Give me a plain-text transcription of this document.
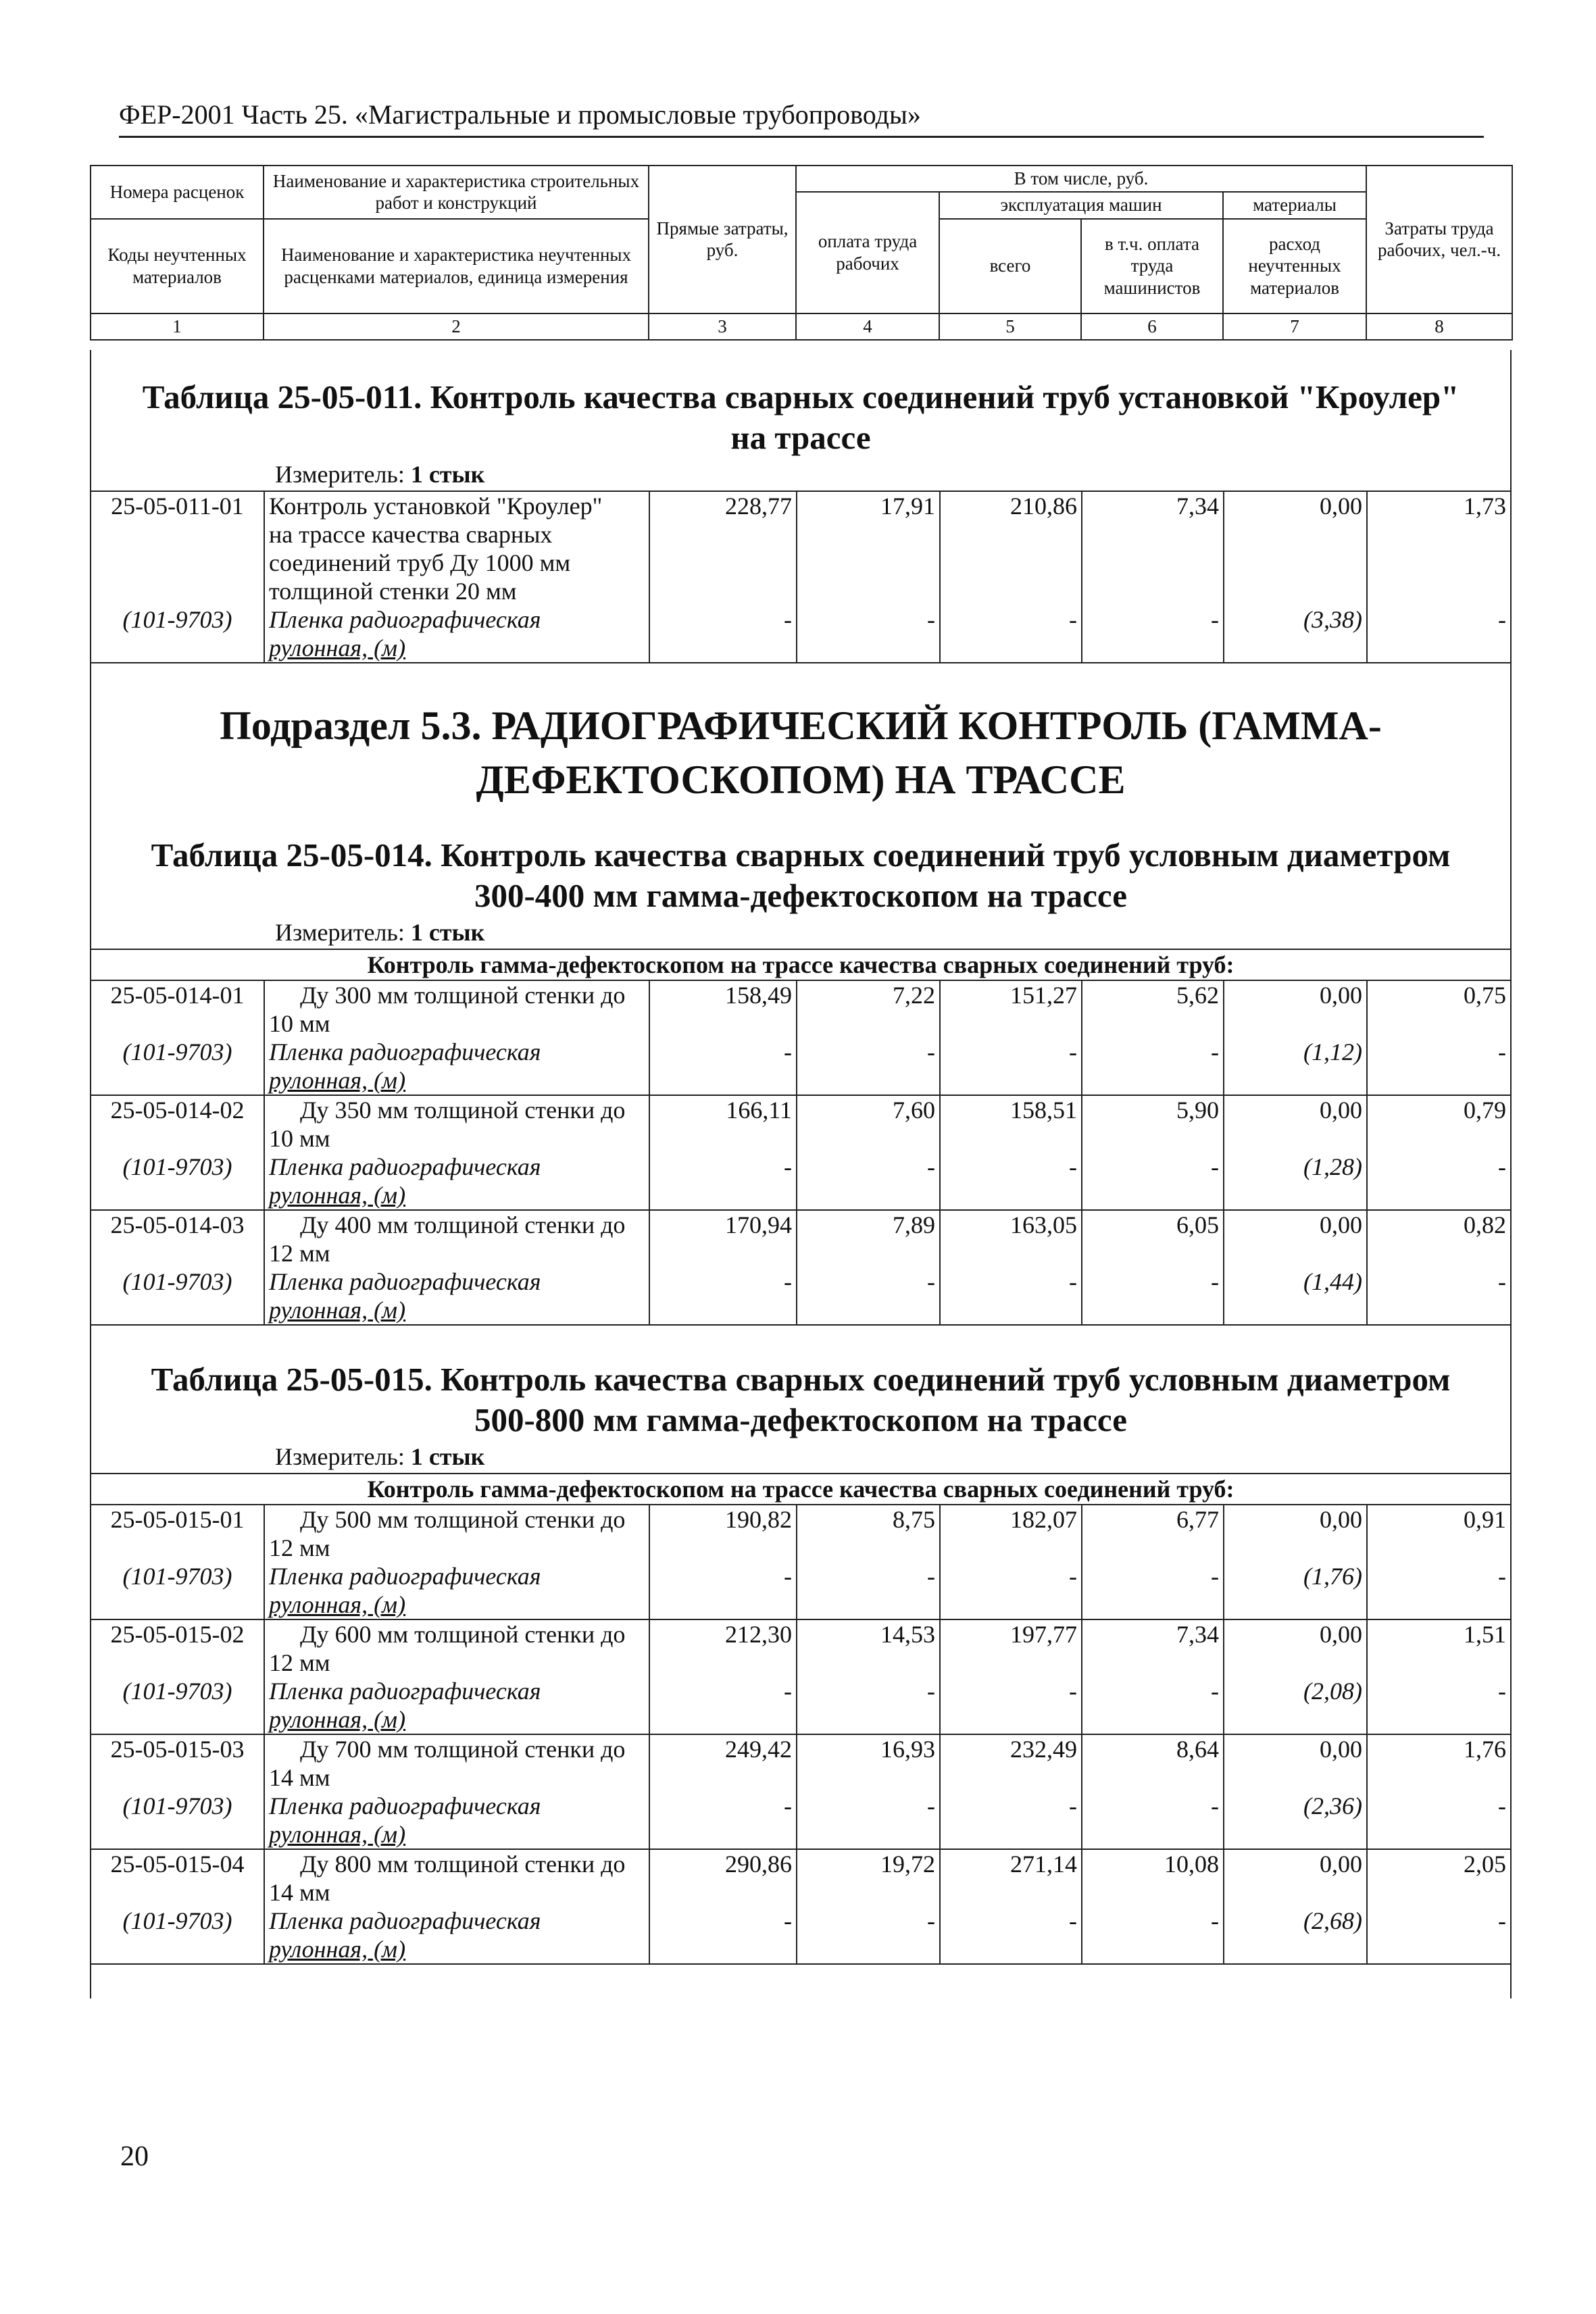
ФЕР-2001 Часть 25. «Магистральные и промысловые трубопроводы»
Номера расценок	Наименование и характеристика строительных работ и конструкций	Прямые затраты, руб.	В том числе, руб.				Затраты труда рабочих, чел.-ч.
			оплата труда рабочих	эксплуатация машин		материалы	
Коды неучтенных материалов	Наименование и характеристика неучтенных расценками материалов, единица измерения			всего	в т.ч. оплата труда машинистов	расход неучтенных материалов	

1	2	3	4	5	6	7	8
Таблица 25-05-011. Контроль качества сварных соединений труб установкой "Кроулер"
на трассе
Измеритель: 1 стык
25-05-011-01	Контроль установкой "Кроулер"
на трассе качества сварных
соединений труб Ду 1000 мм
толщиной стенки 20 мм	228,77	17,91	210,86	7,34	0,00	1,73
(101-9703)	Пленка радиографическая
рулонная, (м)	-	-	-	-	(3,38)	-
Подраздел 5.3. РАДИОГРАФИЧЕСКИЙ КОНТРОЛЬ (ГАММА-
ДЕФЕКТОСКОПОМ) НА ТРАССЕ
Таблица 25-05-014. Контроль качества сварных соединений труб условным диаметром
300-400 мм гамма-дефектоскопом на трассе
Измеритель: 1 стык
Контроль гамма-дефектоскопом на трассе качества сварных соединений труб:
25-05-014-01	Ду 300 мм толщиной стенки до
10 мм	158,49	7,22	151,27	5,62	0,00	0,75
(101-9703)	Пленка радиографическая
рулонная, (м)	-	-	-	-	(1,12)	-
25-05-014-02	Ду 350 мм толщиной стенки до
10 мм	166,11	7,60	158,51	5,90	0,00	0,79
(101-9703)	Пленка радиографическая
рулонная, (м)	-	-	-	-	(1,28)	-
25-05-014-03	Ду 400 мм толщиной стенки до
12 мм	170,94	7,89	163,05	6,05	0,00	0,82
(101-9703)	Пленка радиографическая
рулонная, (м)	-	-	-	-	(1,44)	-
Таблица 25-05-015. Контроль качества сварных соединений труб условным диаметром
500-800 мм гамма-дефектоскопом на трассе
Измеритель: 1 стык
Контроль гамма-дефектоскопом на трассе качества сварных соединений труб:
25-05-015-01	Ду 500 мм толщиной стенки до
12 мм	190,82	8,75	182,07	6,77	0,00	0,91
(101-9703)	Пленка радиографическая
рулонная, (м)	-	-	-	-	(1,76)	-
25-05-015-02	Ду 600 мм толщиной стенки до
12 мм	212,30	14,53	197,77	7,34	0,00	1,51
(101-9703)	Пленка радиографическая
рулонная, (м)	-	-	-	-	(2,08)	-
25-05-015-03	Ду 700 мм толщиной стенки до
14 мм	249,42	16,93	232,49	8,64	0,00	1,76
(101-9703)	Пленка радиографическая
рулонная, (м)	-	-	-	-	(2,36)	-
25-05-015-04	Ду 800 мм толщиной стенки до
14 мм	290,86	19,72	271,14	10,08	0,00	2,05
(101-9703)	Пленка радиографическая
рулонная, (м)	-	-	-	-	(2,68)	-
20
